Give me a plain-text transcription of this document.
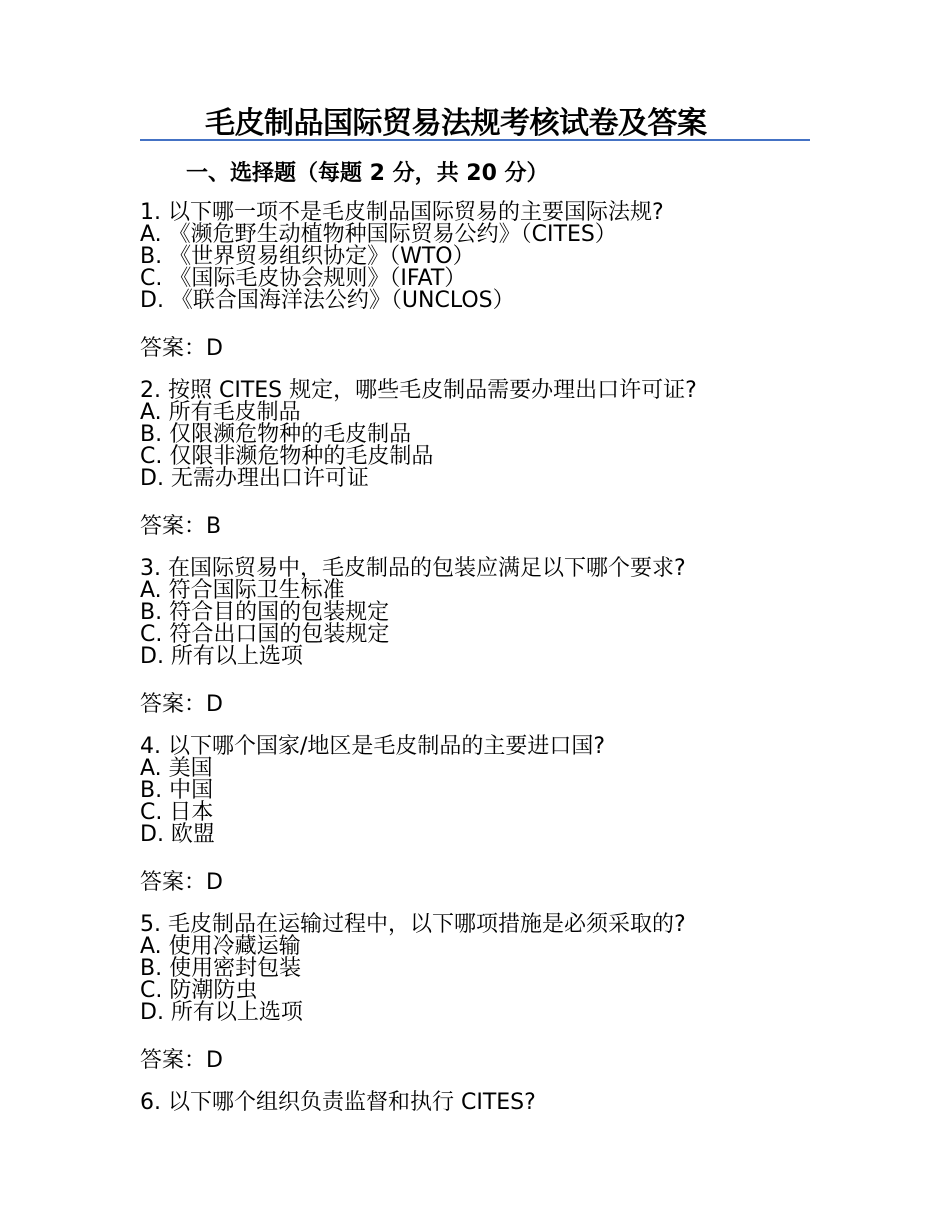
毛皮制品国际贸易法规考核试卷及答案
一、选择题（每题 2 分，共 20 分）
1. 以下哪一项不是毛皮制品国际贸易的主要国际法规?
A. 《濒危野生动植物种国际贸易公约》（CITES）
B. 《世界贸易组织协定》（WTO）
C. 《国际毛皮协会规则》（IFAT）
D. 《联合国海洋法公约》（UNCLOS）
答案：D
2. 按照 CITES 规定，哪些毛皮制品需要办理出口许可证?
A. 所有毛皮制品
B. 仅限濒危物种的毛皮制品
C. 仅限非濒危物种的毛皮制品
D. 无需办理出口许可证
答案：B
3. 在国际贸易中，毛皮制品的包装应满足以下哪个要求?
A. 符合国际卫生标准
B. 符合目的国的包装规定
C. 符合出口国的包装规定
D. 所有以上选项
答案：D
4. 以下哪个国家/地区是毛皮制品的主要进口国?
A. 美国
B. 中国
C. 日本
D. 欧盟
答案：D
5. 毛皮制品在运输过程中，以下哪项措施是必须采取的?
A. 使用冷藏运输
B. 使用密封包装
C. 防潮防虫
D. 所有以上选项
答案：D
6. 以下哪个组织负责监督和执行 CITES?
